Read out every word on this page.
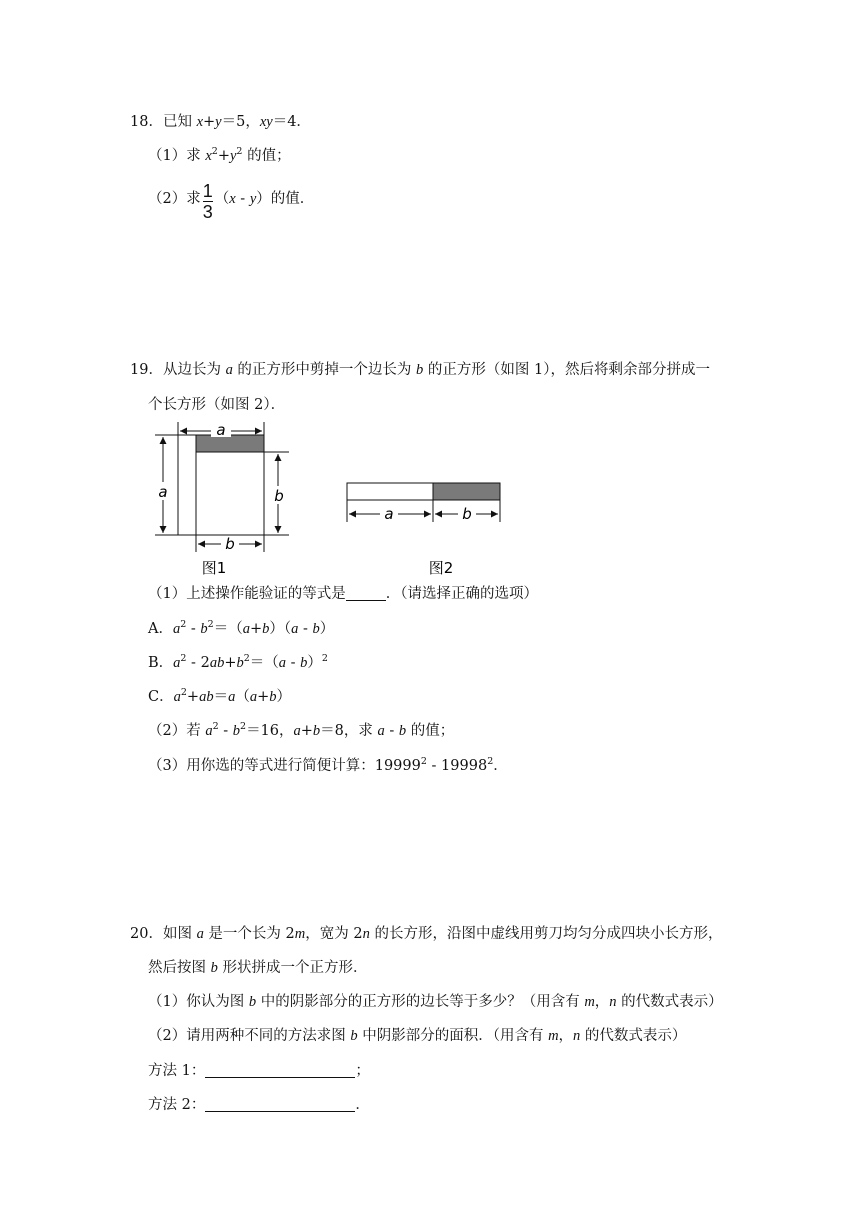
18．已知 x+y＝5，xy＝4．
（1）求 $x^2+y^2$ 的值；
（2）求 $\frac{1}{3} (x - y)$的值．
19．从边长为 a 的正方形中剪掉一个边长为 b 的正方形（如图 1），然后将剩余部分拼成一
个长方形（如图 2）．
a
a	b
b
图1
a	b
图2
（1）上述操作能验证的等式是	．（请选择正确的选项）
A．$a^2 - b^2=(a+b)(a - b)$
B．$a^2 - 2ab+b^2=(a - b)^2$
C．$a^2+ab=a(a+b)$
（2）若 $a^2 - b^2=16$，a+b＝8，求 a - b 的值；
（3）用你选的等式进行简便计算：19999$^2$ - 19998$^2$．
20．如图 a 是一个长为 2m，宽为 2n 的长方形，沿图中虚线用剪刀均匀分成四块小长方形，
然后按图 b 形状拼成一个正方形．
（1）你认为图 b 中的阴影部分的正方形的边长等于多少？（用含有 m，n 的代数式表示）
（2）请用两种不同的方法求图 b 中阴影部分的面积．（用含有 m，n 的代数式表示）
方法 1：	；
方法 2：	．
